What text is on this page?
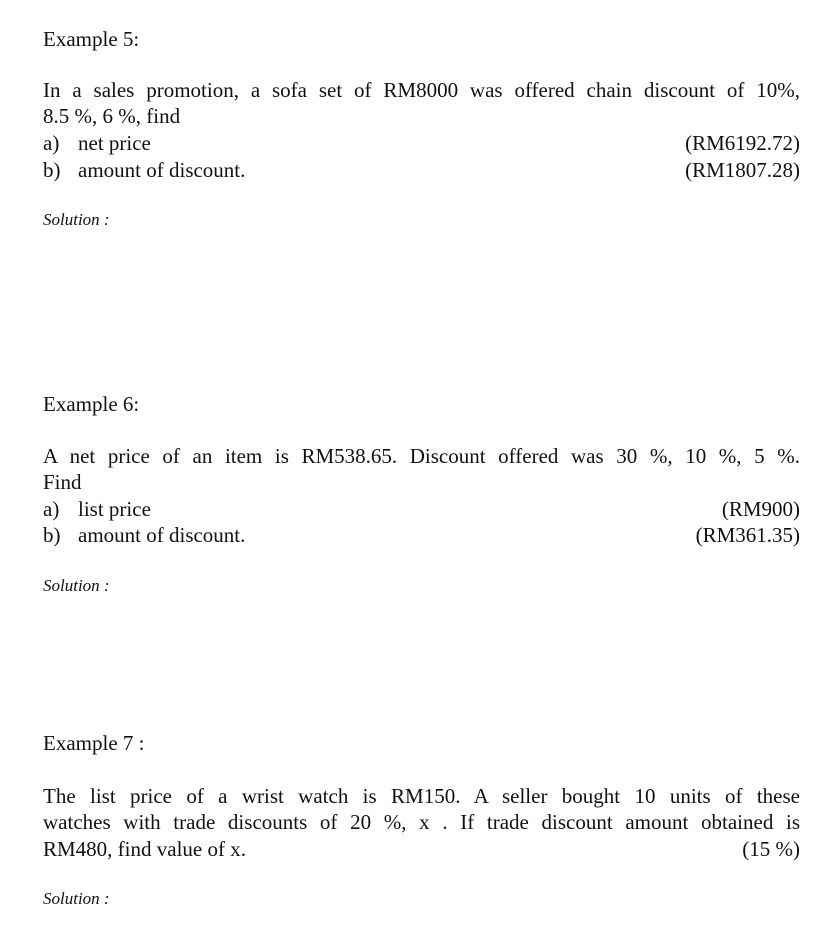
Example 5:
In a sales promotion, a sofa set of RM8000 was offered chain discount of 10%,
8.5 %, 6 %, find
a) net price	(RM6192.72)
b) amount of discount.	(RM1807.28)
Solution :
Example 6:
A net price of an item is RM538.65. Discount offered was 30 %, 10 %, 5 %.
Find
a) list price	(RM900)
b) amount of discount.	(RM361.35)
Solution :
Example 7 :
The list price of a wrist watch is RM150. A seller bought 10 units of these
watches with trade discounts of 20 %, x . If trade discount amount obtained is
RM480, find value of x.	(15 %)
Solution :
